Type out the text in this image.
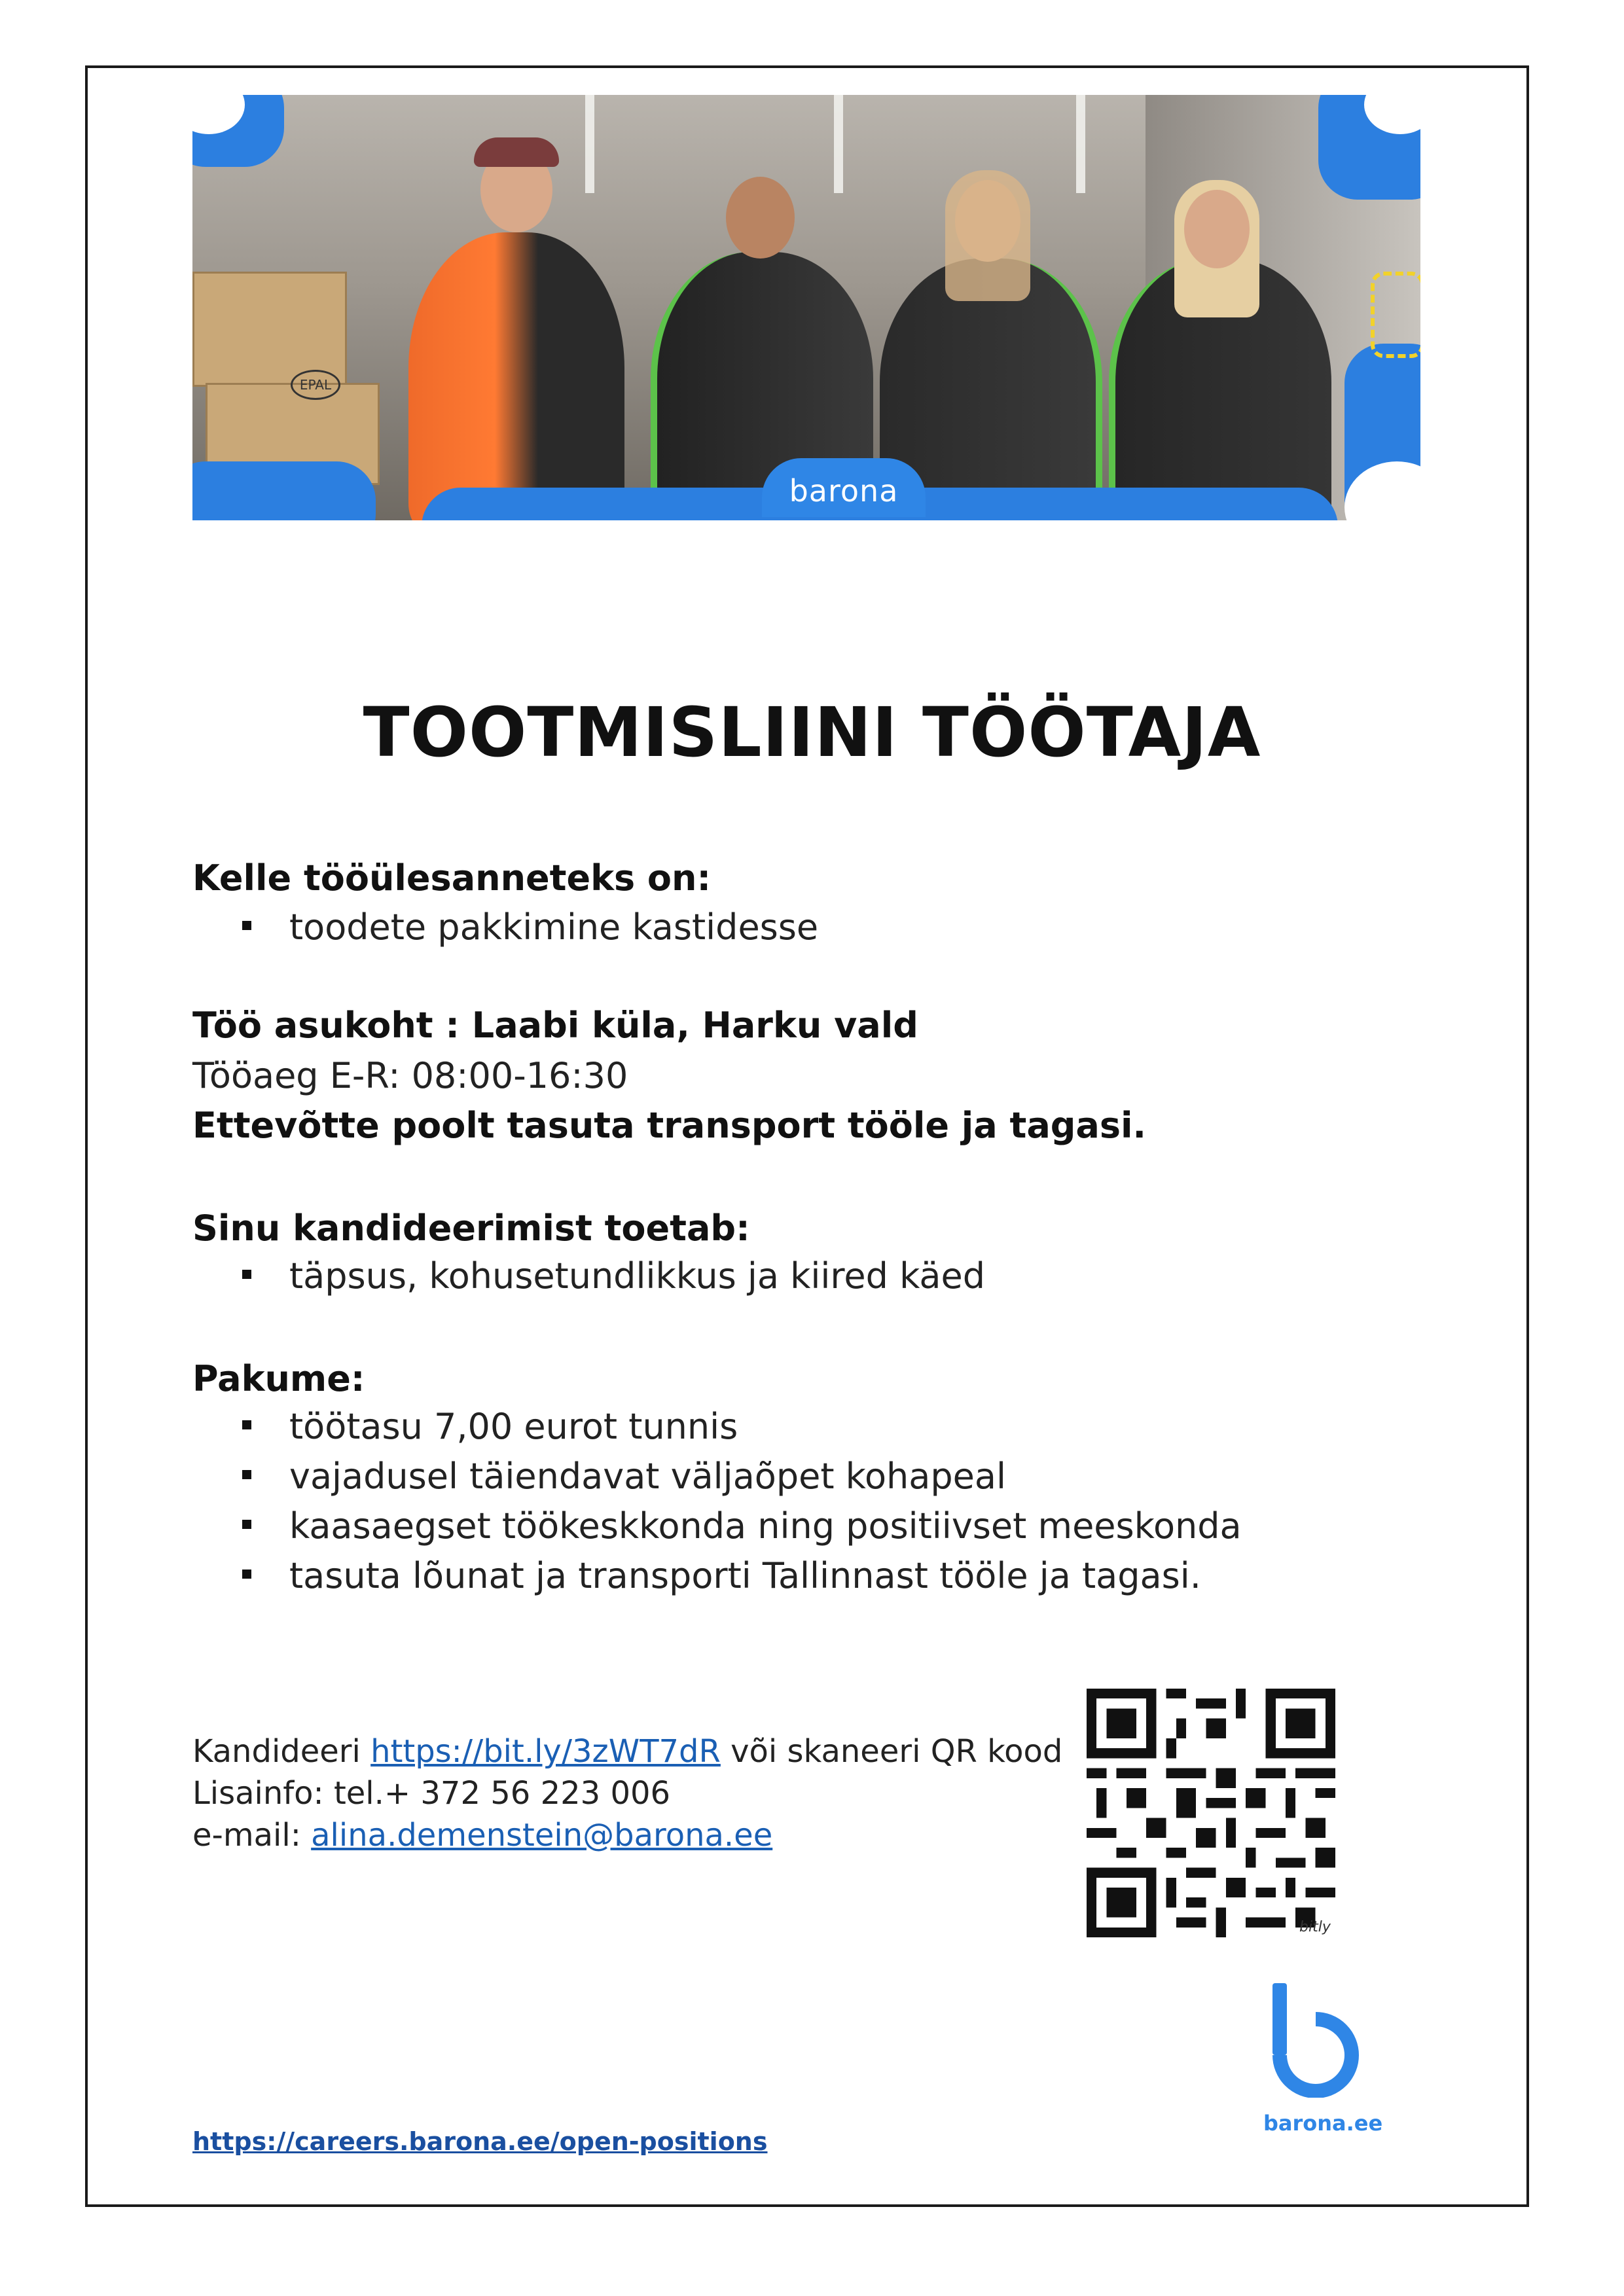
EPAL
barona
TOOTMISLIINI TÖÖTAJA

Kelle tööülesanneteks on:

toodete pakkimine kastidesse

Töö asukoht : Laabi küla, Harku vald

Tööaeg E-R: 08:00-16:30

Ettevõtte poolt tasuta transport tööle ja tagasi.

Sinu kandideerimist toetab:

täpsus, kohusetundlikkus ja kiired käed

Pakume:

töötasu 7,00 eurot tunnis

vajadusel täiendavat väljaõpet kohapeal

kaasaegset töökeskkonda ning positiivset meeskonda

tasuta lõunat ja transporti Tallinnast tööle ja tagasi.

Kandideeri https://bit.ly/3zWT7dR või skaneeri QR kood

Lisainfo: tel.+ 372 56 223 006

e-mail: alina.demenstein@barona.ee

bitly

barona.ee

https://careers.barona.ee/open-positions
